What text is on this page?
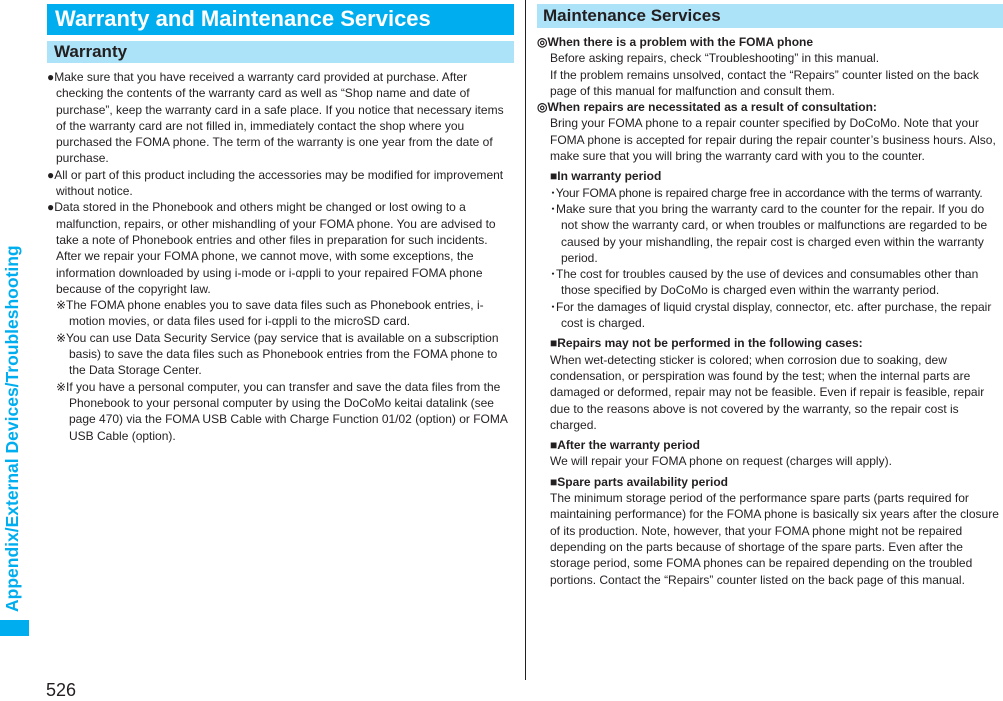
Appendix/External Devices/Troubleshooting
526
Warranty and Maintenance Services
Warranty

●Make sure that you have received a warranty card provided at purchase. After checking the contents of the warranty card as well as “Shop name and date of purchase”, keep the warranty card in a safe place. If you notice that necessary items of the warranty card are not filled in, immediately contact the shop where you purchased the FOMA phone. The term of the warranty is one year from the date of purchase.

●All or part of this product including the accessories may be modified for improvement without notice.

●Data stored in the Phonebook and others might be changed or lost owing to a malfunction, repairs, or other mishandling of your FOMA phone. You are advised to take a note of Phonebook entries and other files in preparation for such incidents. After we repair your FOMA phone, we cannot move, with some exceptions, the information downloaded by using i-mode or i-αppli to your repaired FOMA phone because of the copyright law.

※The FOMA phone enables you to save data files such as Phonebook entries, i-motion movies, or data files used for i-αppli to the microSD card.

※You can use Data Security Service (pay service that is available on a subscription basis) to save the data files such as Phonebook entries from the FOMA phone to the Data Storage Center.

※If you have a personal computer, you can transfer and save the data files from the Phonebook to your personal computer by using the DoCoMo keitai datalink (see page 470) via the FOMA USB Cable with Charge Function 01/02 (option) or FOMA USB Cable (option).

Maintenance Services

◎When there is a problem with the FOMA phone

Before asking repairs, check “Troubleshooting” in this manual.

If the problem remains unsolved, contact the “Repairs” counter listed on the back page of this manual for malfunction and consult them.

◎When repairs are necessitated as a result of consultation:

Bring your FOMA phone to a repair counter specified by DoCoMo. Note that your FOMA phone is accepted for repair during the repair counter’s business hours. Also, make sure that you will bring the warranty card with you to the counter.

■In warranty period

･Your FOMA phone is repaired charge free in accordance with the terms of warranty.

･Make sure that you bring the warranty card to the counter for the repair. If you do not show the warranty card, or when troubles or malfunctions are regarded to be caused by your mishandling, the repair cost is charged even within the warranty period.

･The cost for troubles caused by the use of devices and consumables other than those specified by DoCoMo is charged even within the warranty period.

･For the damages of liquid crystal display, connector, etc. after purchase, the repair cost is charged.

■Repairs may not be performed in the following cases:

When wet-detecting sticker is colored; when corrosion due to soaking, dew condensation, or perspiration was found by the test; when the internal parts are damaged or deformed, repair may not be feasible. Even if repair is feasible, repair due to the reasons above is not covered by the warranty, so the repair cost is charged.

■After the warranty period

We will repair your FOMA phone on request (charges will apply).

■Spare parts availability period

The minimum storage period of the performance spare parts (parts required for maintaining performance) for the FOMA phone is basically six years after the closure of its production. Note, however, that your FOMA phone might not be repaired depending on the parts because of shortage of the spare parts. Even after the storage period, some FOMA phones can be repaired depending on the troubled portions. Contact the “Repairs” counter listed on the back page of this manual.
